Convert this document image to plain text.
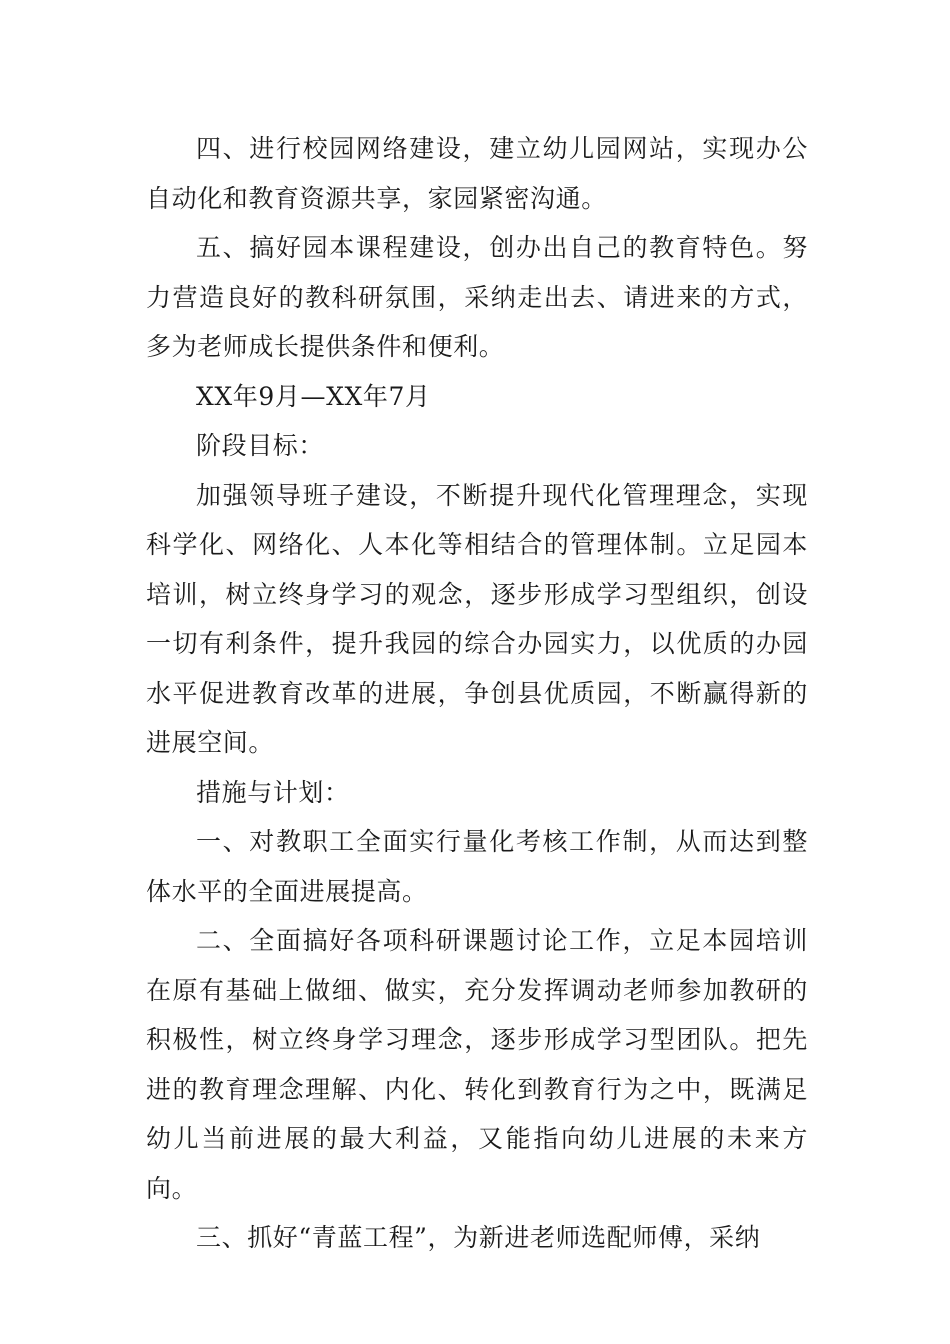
四、进行校园网络建设，建立幼儿园网站，实现办公自动化和教育资源共享，家园紧密沟通。

五、搞好园本课程建设，创办出自己的教育特色。努力营造良好的教科研氛围，采纳走出去、请进来的方式，多为老师成长提供条件和便利。

XX年9月—XX年7月

阶段目标：

加强领导班子建设，不断提升现代化管理理念，实现科学化、网络化、人本化等相结合的管理体制。立足园本培训，树立终身学习的观念，逐步形成学习型组织，创设一切有利条件，提升我园的综合办园实力，以优质的办园水平促进教育改革的进展，争创县优质园，不断赢得新的进展空间。

措施与计划：

一、对教职工全面实行量化考核工作制，从而达到整体水平的全面进展提高。

二、全面搞好各项科研课题讨论工作，立足本园培训在原有基础上做细、做实，充分发挥调动老师参加教研的积极性，树立终身学习理念，逐步形成学习型团队。把先进的教育理念理解、内化、转化到教育行为之中，既满足幼儿当前进展的最大利益，又能指向幼儿进展的未来方向。

三、抓好“青蓝工程”，为新进老师选配师傅，采纳
